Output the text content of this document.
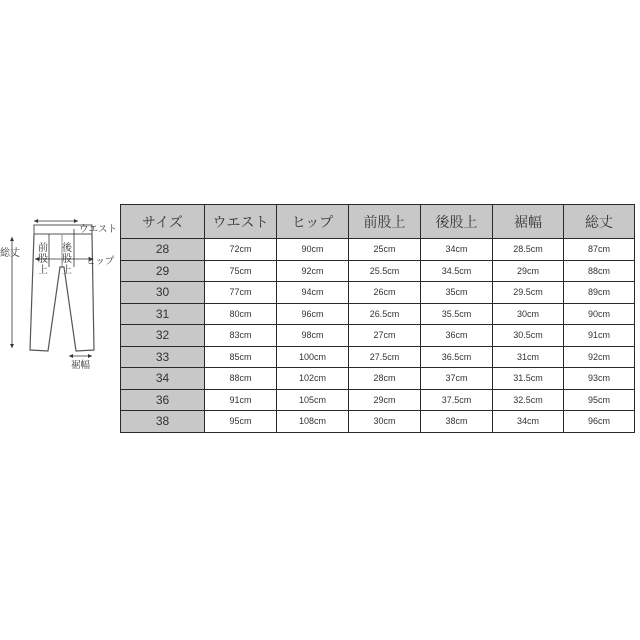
ウエスト
ヒップ
前
股
上
後
股
上
総丈
裾幅
サイズ	ウエスト	ヒップ	前股上	後股上	裾幅	総丈
28	72cm	90cm	25cm	34cm	28.5cm	87cm
29	75cm	92cm	25.5cm	34.5cm	29cm	88cm
30	77cm	94cm	26cm	35cm	29.5cm	89cm
31	80cm	96cm	26.5cm	35.5cm	30cm	90cm
32	83cm	98cm	27cm	36cm	30.5cm	91cm
33	85cm	100cm	27.5cm	36.5cm	31cm	92cm
34	88cm	102cm	28cm	37cm	31.5cm	93cm
36	91cm	105cm	29cm	37.5cm	32.5cm	95cm
38	95cm	108cm	30cm	38cm	34cm	96cm
